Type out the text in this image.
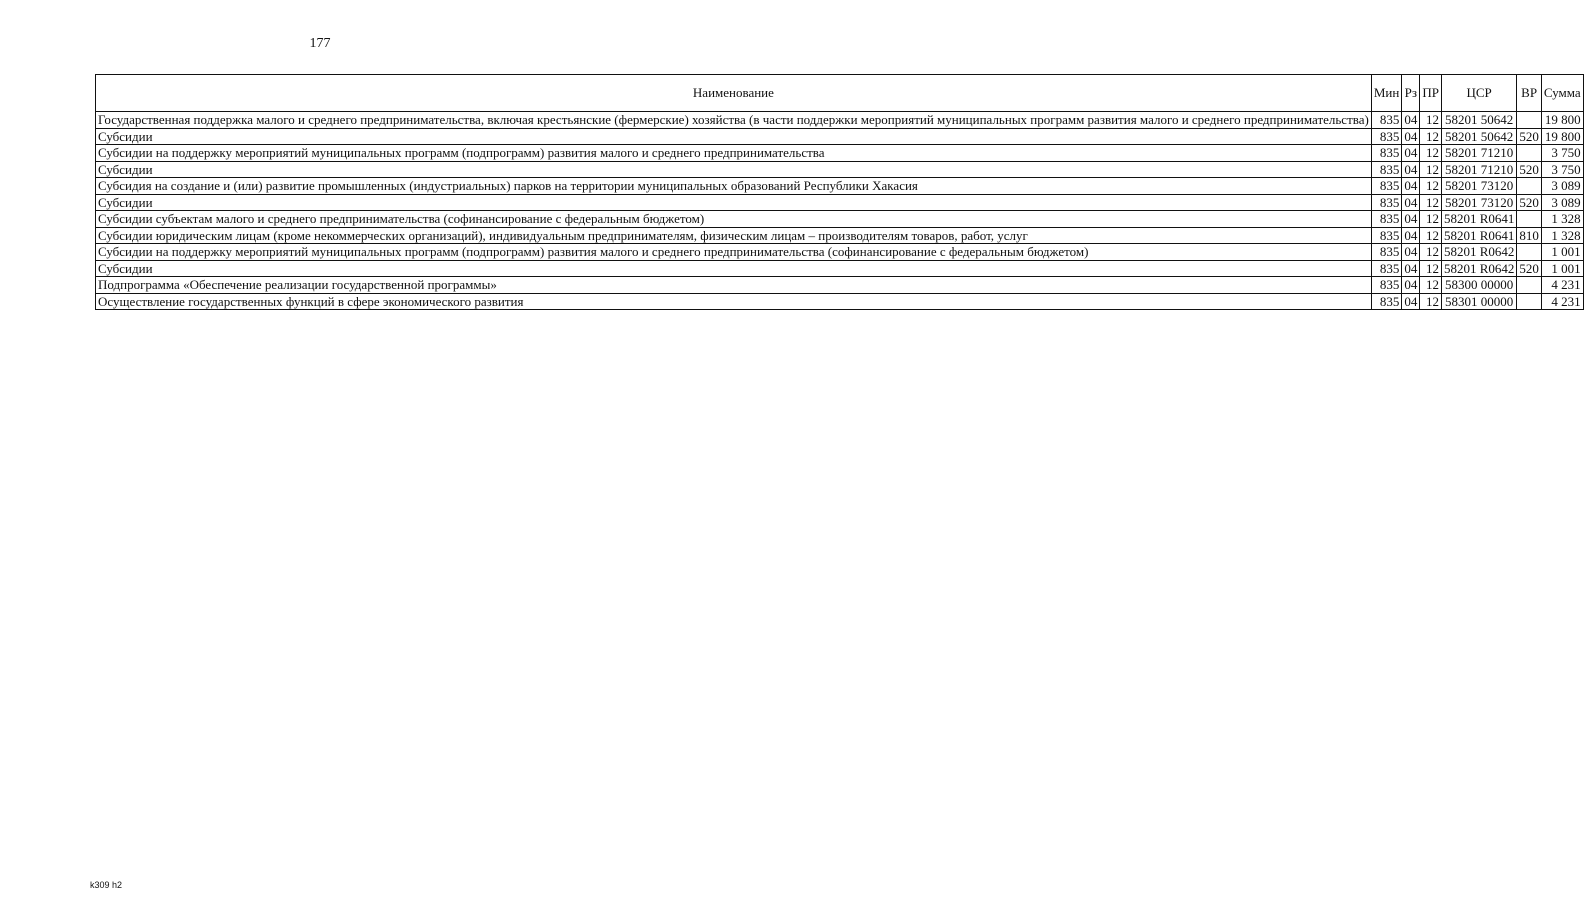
177
Наименование	Мин	Рз	ПР	ЦСР	ВР	Сумма
Государственная поддержка малого и среднего предпринимательства, включая крестьянские (фермерские) хозяйства (в части поддержки мероприятий муниципальных программ развития малого и среднего предпринимательства)	835	04	12	58201 50642		19 800
Субсидии	835	04	12	58201 50642	520	19 800
Субсидии на поддержку мероприятий муниципальных программ (подпрограмм) развития малого и среднего предпринимательства	835	04	12	58201 71210		3 750
Субсидии	835	04	12	58201 71210	520	3 750
Субсидия на создание и (или) развитие промышленных (индустриальных) парков на территории муниципальных образований Республики Хакасия	835	04	12	58201 73120		3 089
Субсидии	835	04	12	58201 73120	520	3 089
Субсидии субъектам малого и среднего предпринимательства (софинансирование с федеральным бюджетом)	835	04	12	58201 R0641		1 328
Субсидии юридическим лицам (кроме некоммерческих организаций), индивидуальным предпринимателям, физическим лицам – производителям товаров, работ, услуг	835	04	12	58201 R0641	810	1 328
Субсидии на поддержку мероприятий муниципальных программ (подпрограмм) развития малого и среднего предпринимательства (софинансирование с федеральным бюджетом)	835	04	12	58201 R0642		1 001
Субсидии	835	04	12	58201 R0642	520	1 001
Подпрограмма «Обеспечение реализации государственной программы»	835	04	12	58300 00000		4 231
Осуществление государственных функций в сфере экономического развития	835	04	12	58301 00000		4 231
k309 h2
